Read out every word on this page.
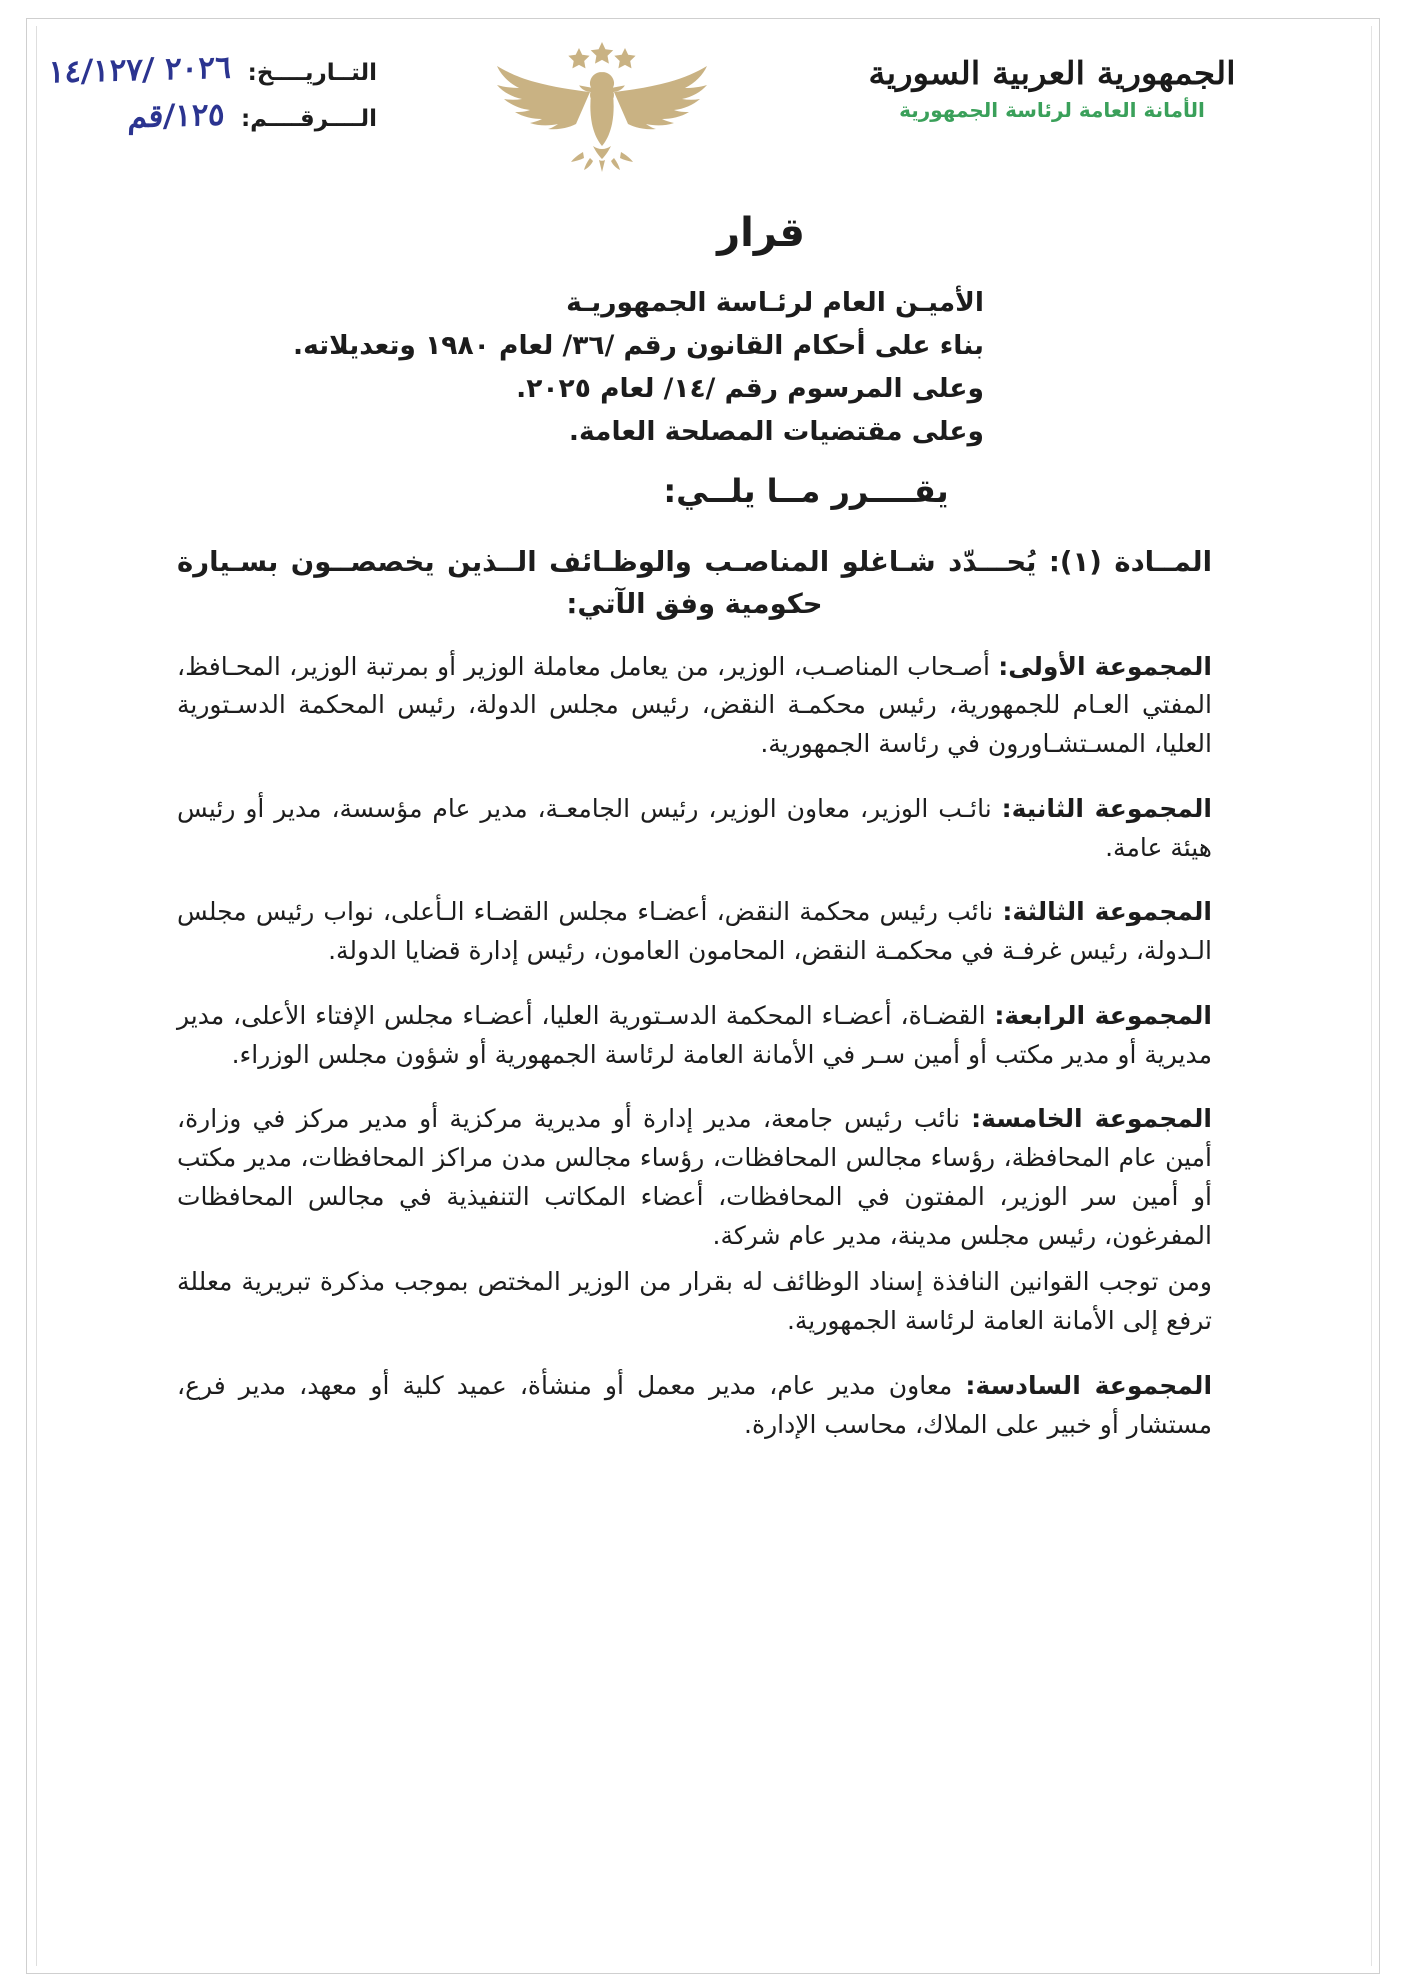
التــاريــــخ:
٢٠٢٦ /١٤/١٢٧
الــــرقــــم:
١٢٥/قم
الجمهورية العربية السورية
الأمانة العامة لرئاسة الجمهورية
قرار
الأميـن العام لرئـاسة الجمهوريـة
بناء على أحكام القانون رقم /٣٦/ لعام ١٩٨٠ وتعديلاته.
وعلى المرسوم رقم /١٤/ لعام ٢٠٢٥.
وعلى مقتضيات المصلحة العامة.
يقــــرر مــا يلــي:
المــادة (١): يُحـــدّد شـاغلو المناصـب والوظـائف الــذين يخصصــون بسـيارة حكومية وفق الآتي:
المجموعة الأولى: أصـحاب المناصـب، الوزير، من يعامل معاملة الوزير أو بمرتبة الوزير، المحـافظ، المفتي العـام للجمهورية، رئيس محكمـة النقض، رئيس مجلس الدولة، رئيس المحكمة الدسـتورية العليا، المسـتشـاورون في رئاسة الجمهورية.
المجموعة الثانية: نائـب الوزير، معاون الوزير، رئيس الجامعـة، مدير عام مؤسسة، مدير أو رئيس هيئة عامة.
المجموعة الثالثة: نائب رئيس محكمة النقض، أعضـاء مجلس القضـاء الـأعلى، نواب رئيس مجلس الـدولة، رئيس غرفـة في محكمـة النقض، المحامون العامون، رئيس إدارة قضايا الدولة.
المجموعة الرابعة: القضـاة، أعضـاء المحكمة الدسـتورية العليا، أعضـاء مجلس الإفتاء الأعلى، مدير مديرية أو مدير مكتب أو أمين سـر في الأمانة العامة لرئاسة الجمهورية أو شؤون مجلس الوزراء.
المجموعة الخامسة: نائب رئيس جامعة، مدير إدارة أو مديرية مركزية أو مدير مركز في وزارة، أمين عام المحافظة، رؤساء مجالس المحافظات، رؤساء مجالس مدن مراكز المحافظات، مدير مكتب أو أمين سر الوزير، المفتون في المحافظات، أعضاء المكاتب التنفيذية في مجالس المحافظات المفرغون، رئيس مجلس مدينة، مدير عام شركة.
ومن توجب القوانين النافذة إسناد الوظائف له بقرار من الوزير المختص بموجب مذكرة تبريرية معللة ترفع إلى الأمانة العامة لرئاسة الجمهورية.
المجموعة السادسة: معاون مدير عام، مدير معمل أو منشأة، عميد كلية أو معهد، مدير فرع، مستشار أو خبير على الملاك، محاسب الإدارة.
